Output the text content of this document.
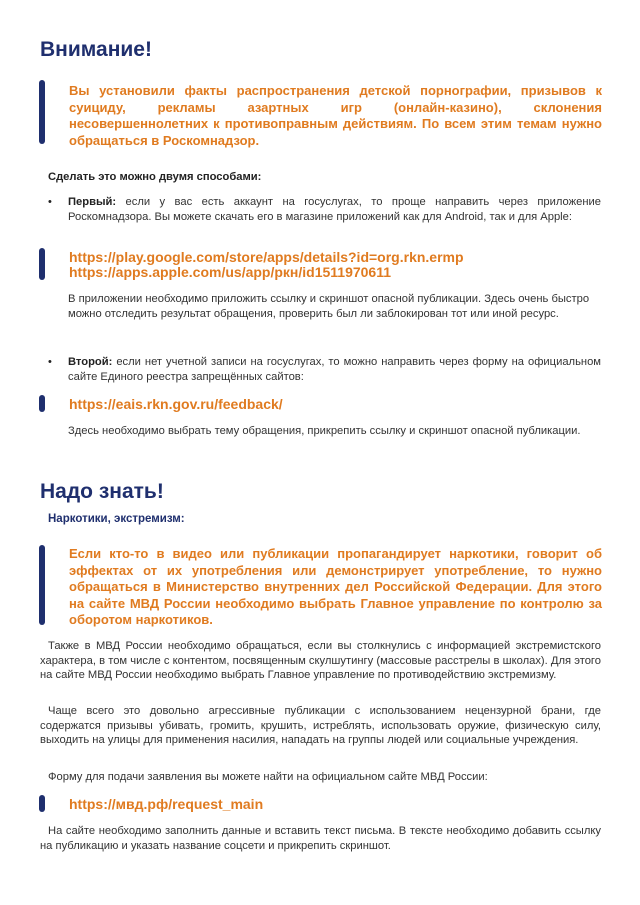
Внимание!
Вы установили факты распространения детской порнографии, призывов к суициду, рекламы азартных игр (онлайн-казино), склонения несовершеннолетних к противоправным действиям. По всем этим темам нужно обращаться в Роскомнадзор.
Сделать это можно двумя способами:
• Первый: если у вас есть аккаунт на госуслугах, то проще направить через приложение Роскомнадзора. Вы можете скачать его в магазине приложений как для Android, так и для Apple:
https://play.google.com/store/apps/details?id=org.rkn.ermp
https://apps.apple.com/us/app/ркн/id1511970611
В приложении необходимо приложить ссылку и скриншот опасной публикации. Здесь очень быстро можно отследить результат обращения, проверить был ли заблокирован тот или иной ресурс.
• Второй: если нет учетной записи на госуслугах, то можно направить через форму на официальном сайте Единого реестра запрещённых сайтов:
https://eais.rkn.gov.ru/feedback/
Здесь необходимо выбрать тему обращения, прикрепить ссылку и скриншот опасной публикации.
Надо знать!
Наркотики, экстремизм:
Если кто-то в видео или публикации пропагандирует наркотики, говорит об эффектах от их употребления или демонстрирует употребление, то нужно обращаться в Министерство внутренних дел Российской Федерации. Для этого на сайте МВД России необходимо выбрать Главное управление по контролю за оборотом наркотиков.
Также в МВД России необходимо обращаться, если вы столкнулись с информацией экстремистского характера, в том числе с контентом, посвященным скулшутингу (массовые расстрелы в школах). Для этого на сайте МВД России необходимо выбрать Главное управление по противодействию экстремизму.
Чаще всего это довольно агрессивные публикации с использованием нецензурной брани, где содержатся призывы убивать, громить, крушить, истреблять, использовать оружие, физическую силу, выходить на улицы для применения насилия, нападать на группы людей или социальные учреждения.
Форму для подачи заявления вы можете найти на официальном сайте МВД России:
https://мвд.рф/request_main
На сайте необходимо заполнить данные и вставить текст письма. В тексте необходимо добавить ссылку на публикацию и указать название соцсети и прикрепить скриншот.
